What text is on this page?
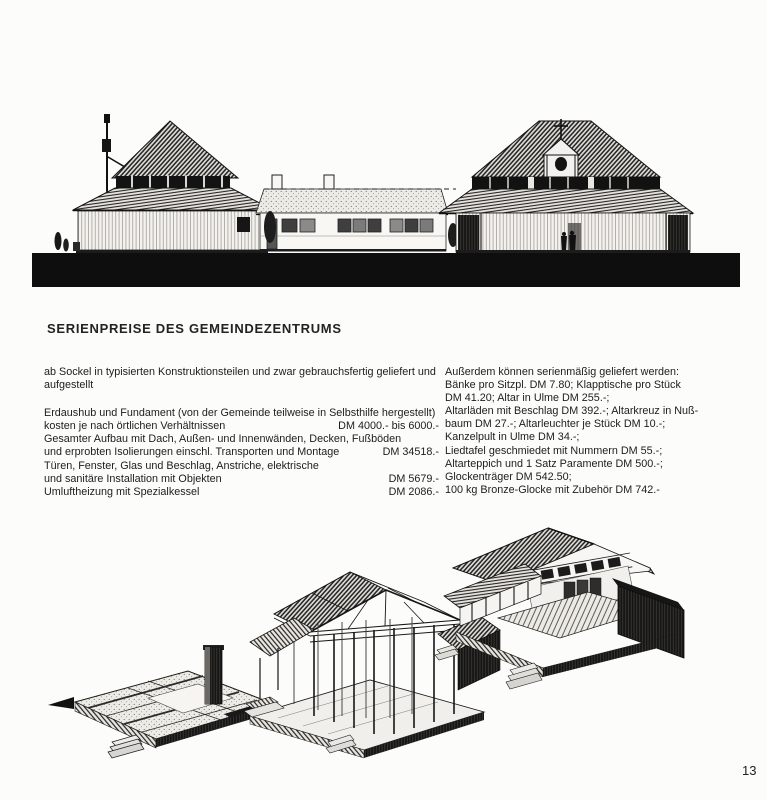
SERIENPREISE DES GEMEINDEZENTRUMS
ab Sockel in typisierten Konstruktionsteilen und zwar gebrauchsfertig geliefert und
aufgestellt
Erdaushub und Fundament (von der Gemeinde teilweise in Selbsthilfe hergestellt)
kosten je nach örtlichen Verhältnissen	DM 4000.- bis 6000.-
Gesamter Aufbau mit Dach, Außen- und Innenwänden, Decken, Fußböden
und erprobten Isolierungen einschl. Transporten und Montage	DM 34518.-
Türen, Fenster, Glas und Beschlag, Anstriche, elektrische
und sanitäre Installation mit Objekten	DM 5679.-
Umluftheizung mit Spezialkessel	DM 2086.-
Außerdem können serienmäßig geliefert werden:
Bänke pro Sitzpl. DM 7.80; Klapptische pro Stück
DM 41.20; Altar in Ulme DM 255.-;
Altarläden mit Beschlag DM 392.-; Altarkreuz in Nuß-
baum DM 27.-; Altarleuchter je Stück DM 10.-;
Kanzelpult in Ulme DM 34.-;
Liedtafel geschmiedet mit Nummern DM 55.-;
Altarteppich und 1 Satz Paramente DM 500.-;
Glockenträger DM 542.50;
100 kg Bronze-Glocke mit Zubehör DM 742.-
13
